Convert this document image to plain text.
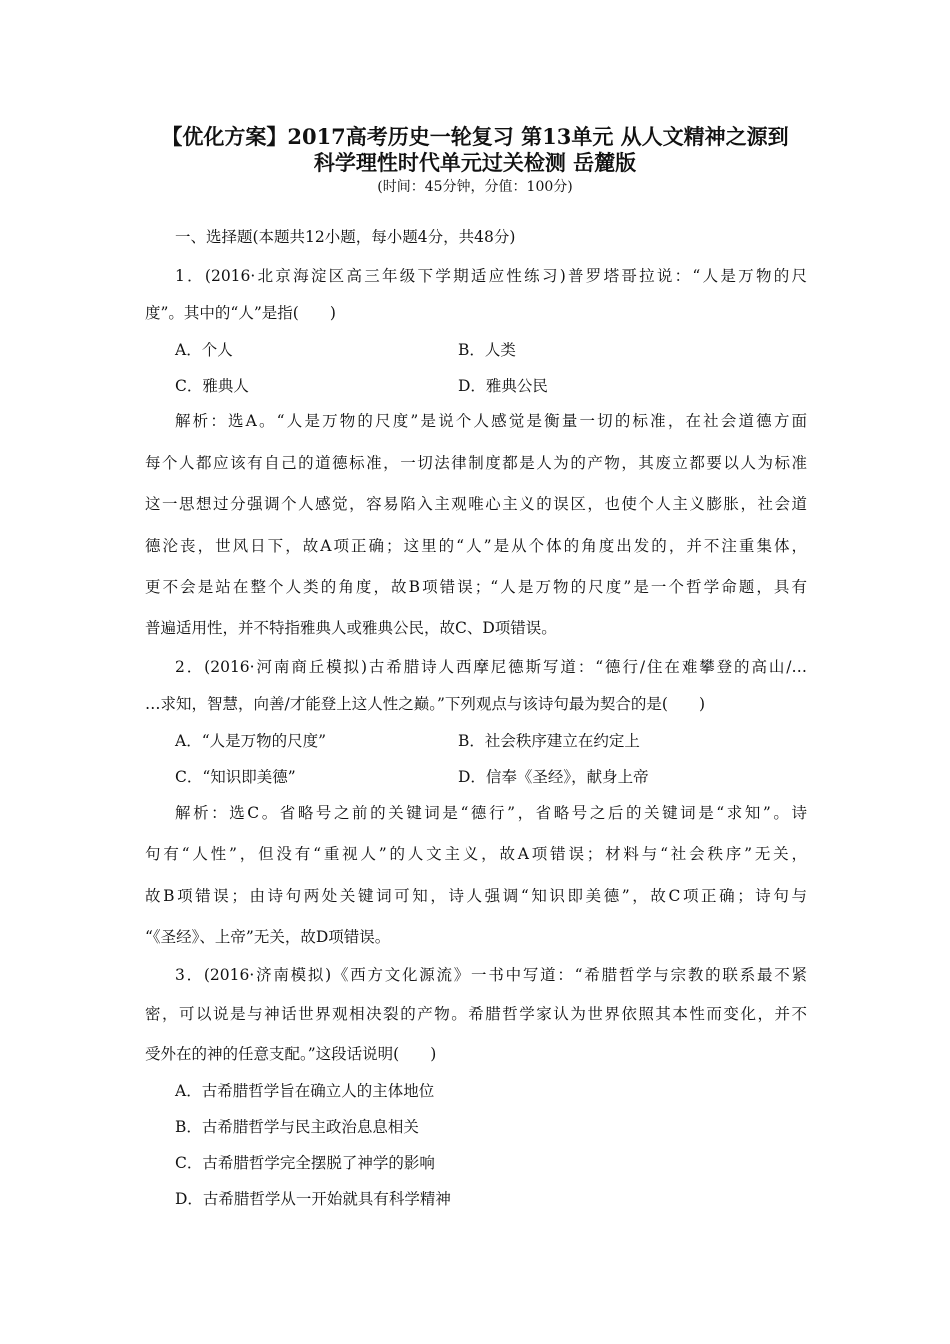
【优化方案】2017高考历史一轮复习 第13单元 从人文精神之源到
科学理性时代单元过关检测 岳麓版
(时间：45分钟，分值：100分)
一、选择题(本题共12小题，每小题4分，共48分)
1．(2016·北京海淀区高三年级下学期适应性练习)普罗塔哥拉说：“人是万物的尺
度”。其中的“人”是指(　　)
A．个人	B．人类
C．雅典人	D．雅典公民
解析：选A。“人是万物的尺度”是说个人感觉是衡量一切的标准，在社会道德方面
每个人都应该有自己的道德标准，一切法律制度都是人为的产物，其废立都要以人为标准
这一思想过分强调个人感觉，容易陷入主观唯心主义的误区，也使个人主义膨胀，社会道
德沦丧，世风日下，故A项正确；这里的“人”是从个体的角度出发的，并不注重集体，
更不会是站在整个人类的角度，故B项错误；“人是万物的尺度”是一个哲学命题，具有
普遍适用性，并不特指雅典人或雅典公民，故C、D项错误。
2．(2016·河南商丘模拟)古希腊诗人西摩尼德斯写道：“德行/住在难攀登的高山/…
…求知，智慧，向善/才能登上这人性之巅。”下列观点与该诗句最为契合的是(　　)
A．“人是万物的尺度”	B．社会秩序建立在约定上
C．“知识即美德”	D．信奉《圣经》，献身上帝
解析：选C。省略号之前的关键词是“德行”，省略号之后的关键词是“求知”。诗
句有“人性”，但没有“重视人”的人文主义，故A项错误；材料与“社会秩序”无关，
故B项错误；由诗句两处关键词可知，诗人强调“知识即美德”，故C项正确；诗句与
“《圣经》、上帝”无关，故D项错误。
3．(2016·济南模拟)《西方文化源流》一书中写道：“希腊哲学与宗教的联系最不紧
密，可以说是与神话世界观相决裂的产物。希腊哲学家认为世界依照其本性而变化，并不
受外在的神的任意支配。”这段话说明(　　)
A．古希腊哲学旨在确立人的主体地位
B．古希腊哲学与民主政治息息相关
C．古希腊哲学完全摆脱了神学的影响
D．古希腊哲学从一开始就具有科学精神
